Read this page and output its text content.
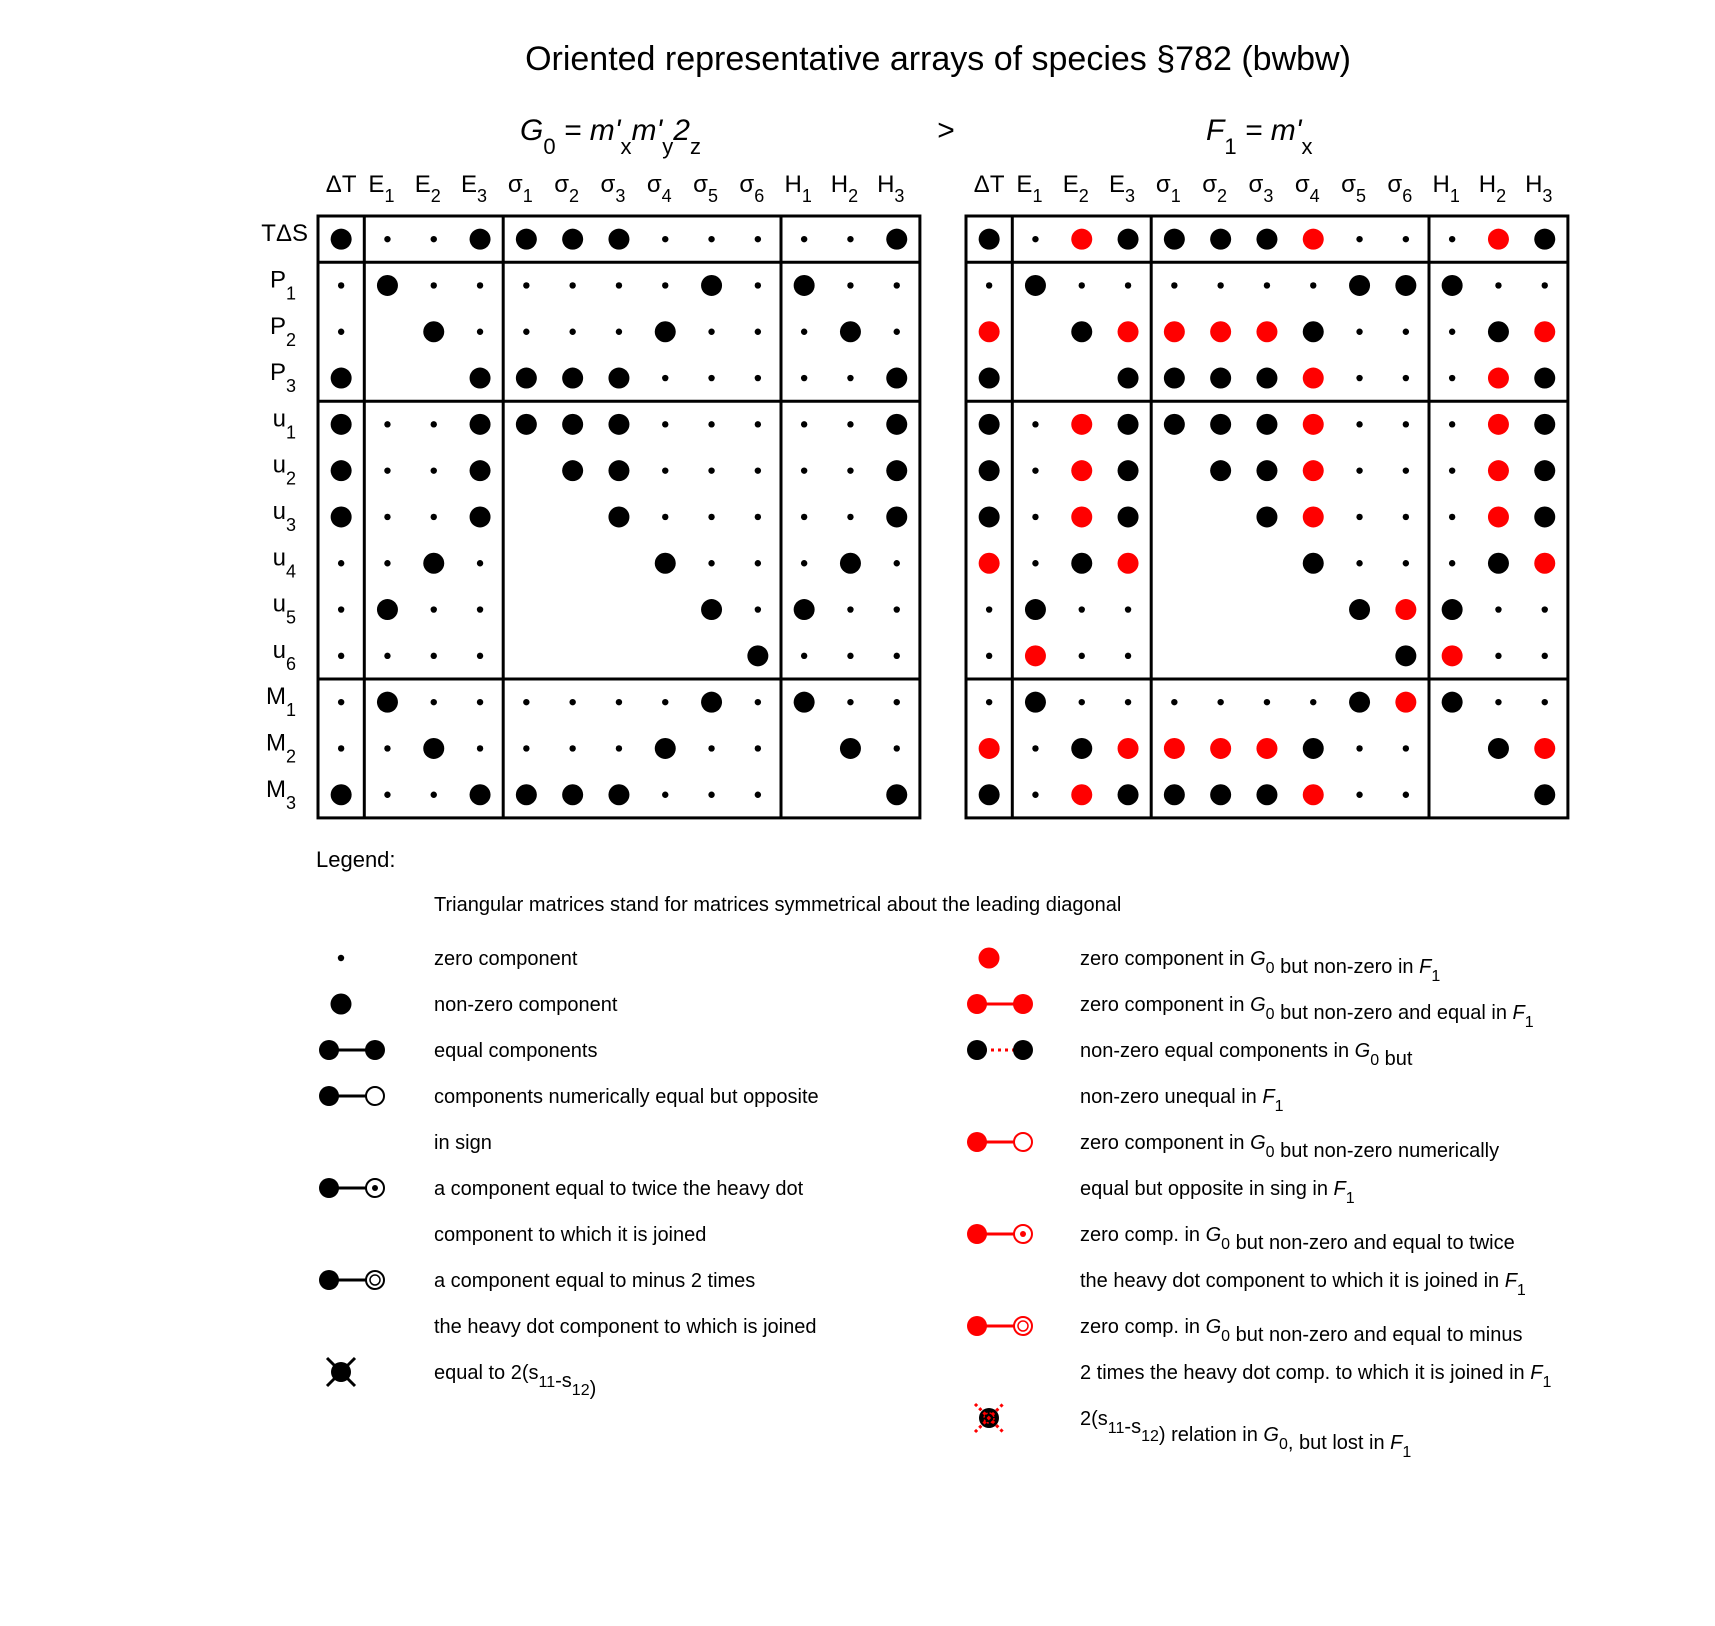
Oriented representative arrays of species §782 (bwbw)
$G_0 = m'_xm'_y2_z$	>	$F_1 = m'_x$
ΔT $E_1$ $E_2$ $E_3$ $\sigma_1$ $\sigma_2$ $\sigma_3$ $\sigma_4$ $\sigma_5$ $\sigma_6$ $H_1$ $H_2$ $H_3$
TΔS
$P_1$
$P_2$
$P_3$
$u_1$
$u_2$
$u_3$
$u_4$
$u_5$
$u_6$
$M_1$
$M_2$
$M_3$
ΔT $E_1$ $E_2$ $E_3$ $\sigma_1$ $\sigma_2$ $\sigma_3$ $\sigma_4$ $\sigma_5$ $\sigma_6$ $H_1$ $H_2$ $H_3$
Legend:
Triangular matrices stand for matrices symmetrical about the leading diagonal
zero component
non-zero component
equal components
components numerically equal but opposite
in sign
a component equal to twice the heavy dot
component to which it is joined
a component equal to minus 2 times
the heavy dot component to which is joined
equal to $2(s_{11}-s_{12})$
zero component in $G_0$ but non-zero in $F_1$
zero component in $G_0$ but non-zero and equal in $F_1$
non-zero equal components in $G_0$ but
non-zero unequal in $F_1$
zero component in $G_0$ but non-zero numerically
equal but opposite in sing in $F_1$
zero comp. in $G_0$ but non-zero and equal to twice
the heavy dot component to which it is joined in $F_1$
zero comp. in $G_0$ but non-zero and equal to minus
2 times the heavy dot comp. to which it is joined in $F_1$
$2(s_{11}-s_{12})$ relation in $G_0$, but lost in $F_1$
